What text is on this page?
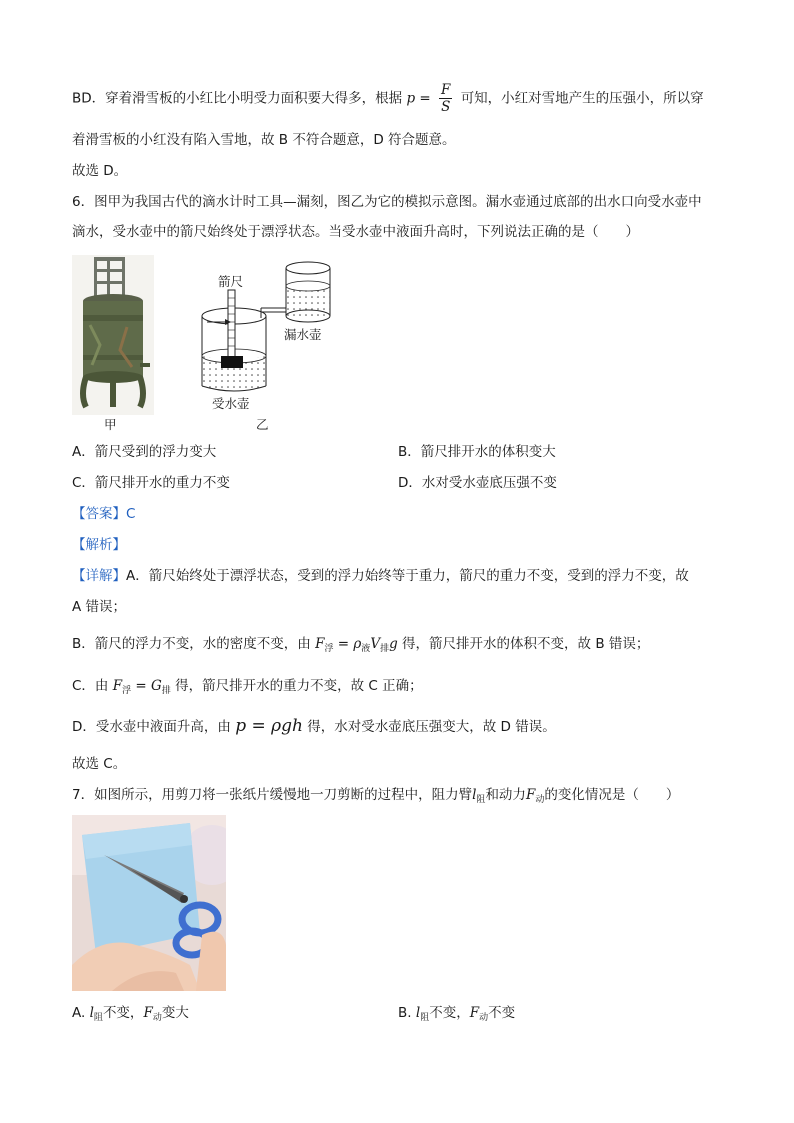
BD．穿着滑雪板的小红比小明受力面积要大得多，根据 $p = \frac{F}{S}$ 可知，小红对雪地产生的压强小，所以穿
着滑雪板的小红没有陷入雪地，故 B 不符合题意，D 符合题意。
故选 D。
6．图甲为我国古代的滴水计时工具—漏刻，图乙为它的模拟示意图。漏水壶通过底部的出水口向受水壶中
滴水，受水壶中的箭尺始终处于漂浮状态。当受水壶中液面升高时，下列说法正确的是（　　）
甲
箭尺
漏水壶
受水壶
乙
A．箭尺受到的浮力变大	B．箭尺排开水的体积变大
C．箭尺排开水的重力不变	D．水对受水壶底压强不变
【答案】C
【解析】
【详解】A．箭尺始终处于漂浮状态，受到的浮力始终等于重力，箭尺的重力不变，受到的浮力不变，故
A 错误；
B．箭尺的浮力不变，水的密度不变，由 $F_浮 = \rho_液V_排g$ 得，箭尺排开水的体积不变，故 B 错误；
C．由 $F_浮 = G_排$ 得，箭尺排开水的重力不变，故 C 正确；
D．受水壶中液面升高，由 p = ρgh 得，水对受水壶底压强变大，故 D 错误。
故选 C。
7．如图所示，用剪刀将一张纸片缓慢地一刀剪断的过程中，阻力臂$l_阻$和动力$F_动$的变化情况是（　　）
A. $l_阻$不变，$F_动$变大	B. $l_阻$不变，$F_动$不变
